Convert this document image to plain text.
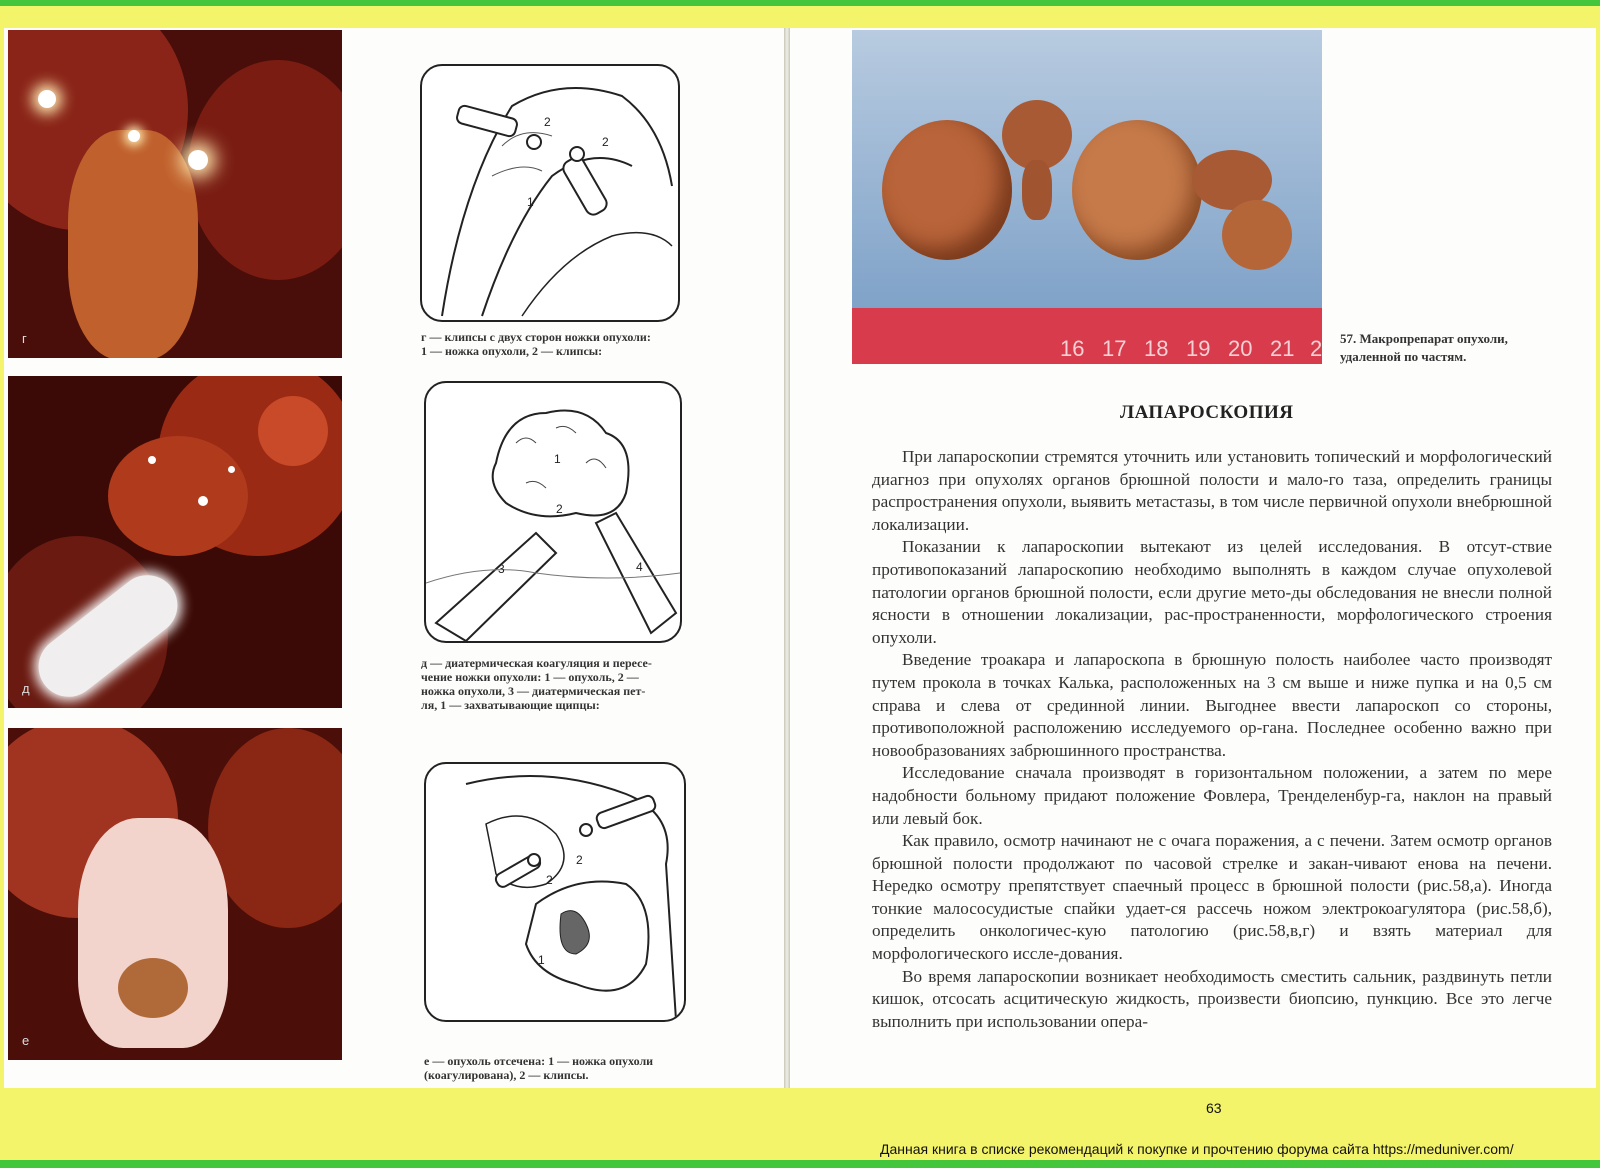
г
д
е
2
2
1
г — клипсы с двух сторон ножки опухоли:
1 — ножка опухоли, 2 — клипсы:
1
2
3	4
д — диатермическая коагуляция и пересе-
чение ножки опухоли: 1 — опухоль, 2 —
ножка опухоли, 3 — диатермическая пет-
ля, 1 — захватывающие щипцы:
2
2
1
е — опухоль отсечена: 1 — ножка опухоли
(коагулирована), 2 — клипсы.
16 17 18 19 20 21 2 57. Макропрепарат опухоли,
удаленной по частям.
ЛАПАРОСКОПИЯ

При лапароскопии стремятся уточнить или установить топический и морфологический диагноз при опухолях органов брюшной полости и мало-го таза, определить границы распространения опухоли, выявить метастазы, в том числе первичной опухоли внебрюшной локализации.

Показании к лапароскопии вытекают из целей исследования. В отсут-ствие противопоказаний лапароскопию необходимо выполнять в каждом случае опухолевой патологии органов брюшной полости, если другие мето-ды обследования не внесли полной ясности в отношении локализации, рас-пространенности, морфологического строения опухоли.

Введение троакара и лапароскопа в брюшную полость наиболее часто производят путем прокола в точках Калька, расположенных на 3 см выше и ниже пупка и на 0,5 см справа и слева от срединной линии. Выгоднее ввести лапароскоп со стороны, противоположной расположению исследуемого ор-гана. Последнее особенно важно при новообразованиях забрюшинного пространства.

Исследование сначала производят в горизонтальном положении, а затем по мере надобности больному придают положение Фовлера, Тренделенбур-га, наклон на правый или левый бок.

Как правило, осмотр начинают не с очага поражения, а с печени. Затем осмотр органов брюшной полости продолжают по часовой стрелке и закан-чивают енова на печени. Нередко осмотру препятствует спаечный процесс в брюшной полости (рис.58,а). Иногда тонкие малососудистые спайки удает-ся рассечь ножом электрокоагулятора (рис.58,б), определить онкологичес-кую патологию (рис.58,в,г) и взять материал для морфологического иссле-дования.

Во время лапароскопии возникает необходимость сместить сальник, раздвинуть петли кишок, отсосать асцитическую жидкость, произвести биопсию, пункцию. Все это легче выполнить при использовании опера-

63
Данная книга в списке рекомендаций к покупке и прочтению форума сайта https://meduniver.com/
